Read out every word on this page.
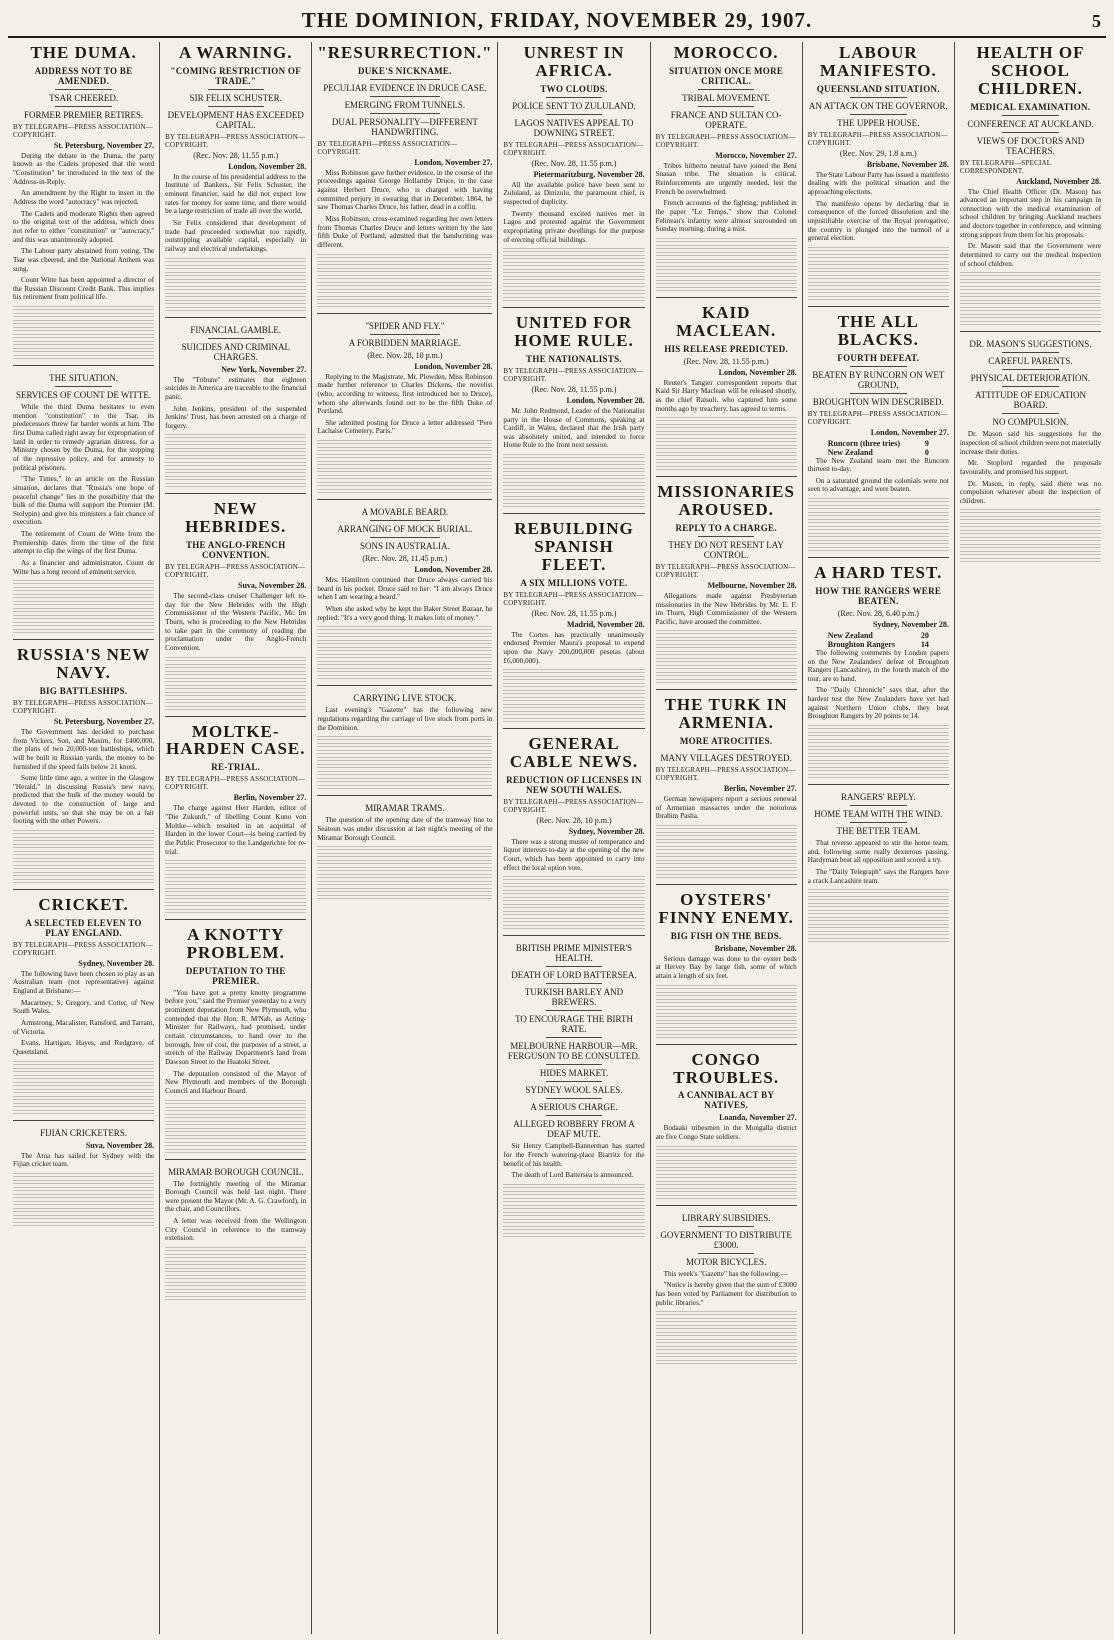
THE DOMINION, FRIDAY, NOVEMBER 29, 1907.	5
THE DUMA.
ADDRESS NOT TO BE AMENDED.
TSAR CHEERED.
FORMER PREMIER RETIRES.
BY TELEGRAPH—PRESS ASSOCIATION—COPYRIGHT.
St. Petersburg, November 27.

During the debate in the Duma, the party known as the Cadets proposed that the word "Constitution" be introduced in the text of the Address-in-Reply.

An amendment by the Right to insert in the Address the word "autocracy" was rejected.

The Cadets and moderate Rights then agreed to the original text of the address, which does not refer to either "constitution" or "autocracy," and this was unanimously adopted.

The Labour party abstained from voting. The Tsar was cheered, and the National Anthem was sung.

Count Witte has been appointed a director of the Russian Discount Credit Bank. This implies his retirement from political life.

THE SITUATION.
SERVICES OF COUNT DE WITTE.

While the third Duma hesitates to even mention "constitution" to the Tsar, its predecessors threw far harder words at him. The first Duma called right away for expropriation of land in order to remedy agrarian distress, for a Ministry chosen by the Duma, for the stopping of the repressive policy, and for amnesty to political prisoners.

"The Times," in an article on the Russian situation, declares that "Russia's one hope of peaceful change" lies in the possibility that the bulk of the Duma will support the Premier (M. Stolypin) and give his ministers a fair chance of execution.

The retirement of Count de Witte from the Premiership dates from the time of the first attempt to clip the wings of the first Duma.

As a financier and administrator, Count de Witte has a long record of eminent service.

RUSSIA'S NEW NAVY.
BIG BATTLESHIPS.
BY TELEGRAPH—PRESS ASSOCIATION—COPYRIGHT.
St. Petersburg, November 27.

The Government has decided to purchase from Vickers, Son, and Maxim, for £400,000, the plans of two 20,000-ton battleships, which will be built in Russian yards, the money to be furnished if the speed falls below 21 knots.

Some little time ago, a writer in the Glasgow "Herald," in discussing Russia's new navy, predicted that the bulk of the money would be devoted to the construction of large and powerful units, so that she may be on a fair footing with the other Powers.

CRICKET.
A SELECTED ELEVEN TO PLAY ENGLAND.
BY TELEGRAPH—PRESS ASSOCIATION—COPYRIGHT.
Sydney, November 28.

The following have been chosen to play as an Australian team (not representative) against England at Brisbane:—

Macartney, S. Gregory, and Cotter, of New South Wales.

Armstrong, Macalister, Ransford, and Tarrant, of Victoria.

Evans, Hartigan, Hayes, and Redgrave, of Queensland.

FIJIAN CRICKETERS.
Suva, November 28.

The Atua has sailed for Sydney with the Fijian cricket team.

A WARNING.
"COMING RESTRICTION OF TRADE."
SIR FELIX SCHUSTER.
DEVELOPMENT HAS EXCEEDED CAPITAL.
BY TELEGRAPH—PRESS ASSOCIATION—COPYRIGHT.
(Rec. Nov. 28, 11.55 p.m.)
London, November 28.

In the course of his presidential address to the Institute of Bankers, Sir Felix Schuster, the eminent financier, said he did not expect low rates for money for some time, and there would be a large restriction of trade all over the world.

Sir Felix considered that development of trade had proceeded somewhat too rapidly, outstripping available capital, especially in railway and electrical undertakings.

FINANCIAL GAMBLE.
SUICIDES AND CRIMINAL CHARGES.
New York, November 27.

The "Tribune" estimates that eighteen suicides in America are traceable to the financial panic.

John Jenkins, president of the suspended Jenkins' Trust, has been arrested on a charge of forgery.

NEW HEBRIDES.
THE ANGLO-FRENCH CONVENTION.
BY TELEGRAPH—PRESS ASSOCIATION—COPYRIGHT.
Suva, November 28.

The second-class cruiser Challenger left to-day for the New Hebrides with the High Commissioner of the Western Pacific, Mr. Im Thurn, who is proceeding to the New Hebrides to take part in the ceremony of reading the proclamation under the Anglo-French Convention.

MOLTKE-HARDEN CASE.
RE-TRIAL.
BY TELEGRAPH—PRESS ASSOCIATION—COPYRIGHT.
Berlin, November 27.

The charge against Herr Harden, editor of "Die Zukunft," of libelling Count Kuno von Moltke—which resulted in an acquittal of Harden in the lower Court—is being carried by the Public Prosecutor to the Landgerichte for re-trial.

A KNOTTY PROBLEM.
DEPUTATION TO THE PREMIER.

"You have got a pretty knotty programme before you," said the Premier yesterday to a very prominent deputation from New Plymouth, who contended that the Hon. R. M'Nab, as Acting-Minister for Railways, had promised, under certain circumstances, to hand over to the borough, free of cost, the purposes of a street, a stretch of the Railway Department's land from Dawson Street to the Huatoki Street.

The deputation consisted of the Mayor of New Plymouth and members of the Borough Council and Harbour Board.

MIRAMAR BOROUGH COUNCIL.

The fortnightly meeting of the Miramar Borough Council was held last night. There were present the Mayor (Mr. A. G. Crawford), in the chair, and Councillors.

A letter was received from the Wellington City Council in reference to the tramway extension.

"RESURRECTION."
DUKE'S NICKNAME.
PECULIAR EVIDENCE IN DRUCE CASE.
EMERGING FROM TUNNELS.
DUAL PERSONALITY—DIFFERENT HANDWRITING.
BY TELEGRAPH—PRESS ASSOCIATION—COPYRIGHT.
London, November 27.

Miss Robinson gave further evidence, in the course of the proceedings against George Hollamby Druce, in the case against Herbert Druce, who is charged with having committed perjury in swearing that in December, 1864, he saw Thomas Charles Druce, his father, dead in a coffin.

Miss Robinson, cross-examined regarding her own letters from Thomas Charles Druce and letters written by the late fifth Duke of Portland, admitted that the handwriting was different.

"SPIDER AND FLY."
A FORBIDDEN MARRIAGE.
(Rec. Nov. 28, 10 p.m.)
London, November 28.

Replying to the Magistrate, Mr. Plowden, Miss Robinson made further reference to Charles Dickens, the novelist (who, according to witness, first introduced her to Druce), whom she afterwards found out to be the fifth Duke of Portland.

She admitted posting for Druce a letter addressed "Pere Lachaise Cemetery, Paris."

A MOVABLE BEARD.
ARRANGING OF MOCK BURIAL.
SONS IN AUSTRALIA.
(Rec. Nov. 28, 11.45 p.m.)
London, November 28.

Mrs. Hamilton continued that Druce always carried his beard in his pocket. Druce said to her: "I am always Druce when I am wearing a beard."

When she asked why he kept the Baker Street Bazaar, he replied: "It's a very good thing. It makes lots of money."

CARRYING LIVE STOCK.

Last evening's "Gazette" has the following new regulations regarding the carriage of live stock from ports in the Dominion.

MIRAMAR TRAMS.

The question of the opening date of the tramway line to Seatoun was under discussion at last night's meeting of the Miramar Borough Council.

UNREST IN AFRICA.
TWO CLOUDS.
POLICE SENT TO ZULULAND.
LAGOS NATIVES APPEAL TO DOWNING STREET.
BY TELEGRAPH—PRESS ASSOCIATION—COPYRIGHT.
(Rec. Nov. 28, 11.55 p.m.)
Pietermaritzburg, November 28.

All the available police have been sent to Zululand, as Dinizulu, the paramount chief, is suspected of duplicity.

Twenty thousand excited natives met in Lagos and protested against the Government expropriating private dwellings for the purpose of erecting official buildings.

UNITED FOR HOME RULE.
THE NATIONALISTS.
BY TELEGRAPH—PRESS ASSOCIATION—COPYRIGHT.
(Rec. Nov. 28, 11.55 p.m.)
London, November 28.

Mr. John Redmond, Leader of the Nationalist party in the House of Commons, speaking at Cardiff, in Wales, declared that the Irish party was absolutely united, and intended to force Home Rule to the front next session.

REBUILDING SPANISH FLEET.
A SIX MILLIONS VOTE.
BY TELEGRAPH—PRESS ASSOCIATION—COPYRIGHT.
(Rec. Nov. 28, 11.55 p.m.)
Madrid, November 28.

The Cortes has practically unanimously endorsed Premier Maura's proposal to expend upon the Navy 200,000,000 pesetas (about £6,000,000).

GENERAL CABLE NEWS.
REDUCTION OF LICENSES IN NEW SOUTH WALES.
BY TELEGRAPH—PRESS ASSOCIATION—COPYRIGHT.
(Rec. Nov. 28, 10 p.m.)
Sydney, November 28.

There was a strong muster of temperance and liquor interests to-day at the opening of the new Court, which has been appointed to carry into effect the local option vote.

BRITISH PRIME MINISTER'S HEALTH.
DEATH OF LORD BATTERSEA.
TURKISH BARLEY AND BREWERS.
TO ENCOURAGE THE BIRTH RATE.
MELBOURNE HARBOUR—MR. FERGUSON TO BE CONSULTED.
HIDES MARKET.
SYDNEY WOOL SALES.
A SERIOUS CHARGE.
ALLEGED ROBBERY FROM A DEAF MUTE.

Sir Henry Campbell-Bannerman has started for the French watering-place Biarritz for the benefit of his health.

The death of Lord Battersea is announced.

MOROCCO.
SITUATION ONCE MORE CRITICAL.
TRIBAL MOVEMENT.
FRANCE AND SULTAN CO-OPERATE.
BY TELEGRAPH—PRESS ASSOCIATION—COPYRIGHT.
Morocco, November 27.

Tribes hitherto neutral have joined the Beni Snasan tribe. The situation is critical. Reinforcements are urgently needed, lest the French be overwhelmed.

French accounts of the fighting, published in the paper "Le Temps," show that Colonel Felineau's infantry were almost surrounded on Sunday morning, during a mist.

KAID MACLEAN.
HIS RELEASE PREDICTED.
(Rec. Nov. 28, 11.55 p.m.)
London, November 28.

Reuter's Tangier correspondent reports that Kaid Sir Harry Maclean will be released shortly, as the chief Raisuli, who captured him some months ago by treachery, has agreed to terms.

MISSIONARIES AROUSED.
REPLY TO A CHARGE.
THEY DO NOT RESENT LAY CONTROL.
BY TELEGRAPH—PRESS ASSOCIATION—COPYRIGHT.
Melbourne, November 28.

Allegations made against Presbyterian missionaries in the New Hebrides by Mr. E. F. im Thurn, High Commissioner of the Western Pacific, have aroused the committee.

THE TURK IN ARMENIA.
MORE ATROCITIES.
MANY VILLAGES DESTROYED.
BY TELEGRAPH—PRESS ASSOCIATION—COPYRIGHT.
Berlin, November 27.

German newspapers report a serious renewal of Armenian massacres under the notorious Ibrahim Pasha.

OYSTERS' FINNY ENEMY.
BIG FISH ON THE BEDS.
Brisbane, November 28.

Serious damage was done to the oyster beds at Hervey Bay by large fish, some of which attain a length of six feet.

CONGO TROUBLES.
A CANNIBAL ACT BY NATIVES.
Loanda, November 27.

Bodaaki tribesmen in the Mongalla district ate five Congo State soldiers.

LIBRARY SUBSIDIES.
GOVERNMENT TO DISTRIBUTE £3000.
MOTOR BICYCLES.

This week's "Gazette" has the following:—

"Notice is hereby given that the sum of £3000 has been voted by Parliament for distribution to public libraries."

LABOUR MANIFESTO.
QUEENSLAND SITUATION.
AN ATTACK ON THE GOVERNOR.
THE UPPER HOUSE.
BY TELEGRAPH—PRESS ASSOCIATION—COPYRIGHT.
(Rec. Nov. 29, 1.8 a.m.)
Brisbane, November 28.

The State Labour Party has issued a manifesto dealing with the political situation and the approaching elections.

The manifesto opens by declaring that in consequence of the forced dissolution and the unjustifiable exercise of the Royal prerogative, the country is plunged into the turmoil of a general election.

THE ALL BLACKS.
FOURTH DEFEAT.
BEATEN BY RUNCORN ON WET GROUND.
BROUGHTON WIN DESCRIBED.
BY TELEGRAPH—PRESS ASSOCIATION—COPYRIGHT.
London, November 27.
Runcorn (three tries)	9
New Zealand	0

The New Zealand team met the Runcorn thirteen to-day.

On a saturated ground the colonials were not seen to advantage, and were beaten.

A HARD TEST.
HOW THE RANGERS WERE BEATEN.
(Rec. Nov. 28, 6.40 p.m.)
Sydney, November 28.
New Zealand	20
Broughton Rangers	14

The following comments by London papers on the New Zealanders' defeat of Broughton Rangers (Lancashire), in the fourth match of the tour, are to hand.

The "Daily Chronicle" says that, after the hardest test the New Zealanders have yet had against Northern Union clubs, they beat Broughton Rangers by 20 points to 14.

RANGERS' REPLY.
HOME TEAM WITH THE WIND.
THE BETTER TEAM.

That reverse appeared to stir the home team, and, following some really dexterous passing, Hardyman beat all opposition and scored a try.

The "Daily Telegraph" says the Rangers have a crack Lancashire team.

HEALTH OF SCHOOL CHILDREN.
MEDICAL EXAMINATION.
CONFERENCE AT AUCKLAND.
VIEWS OF DOCTORS AND TEACHERS.
BY TELEGRAPH—SPECIAL CORRESPONDENT.
Auckland, November 28.

The Chief Health Officer (Dr. Mason) has advanced an important step in his campaign in connection with the medical examination of school children by bringing Auckland teachers and doctors together in conference, and winning strong support from them for his proposals.

Dr. Mason said that the Government were determined to carry out the medical inspection of school children.

DR. MASON'S SUGGESTIONS.
CAREFUL PARENTS.
PHYSICAL DETERIORATION.
ATTITUDE OF EDUCATION BOARD.
NO COMPULSION.

Dr. Mason said his suggestions for the inspection of school children were not materially increase their duties.

Mr. Stopford regarded the proposals favourably, and promised his support.

Dr. Mason, in reply, said there was no compulsion whatever about the inspection of children.
